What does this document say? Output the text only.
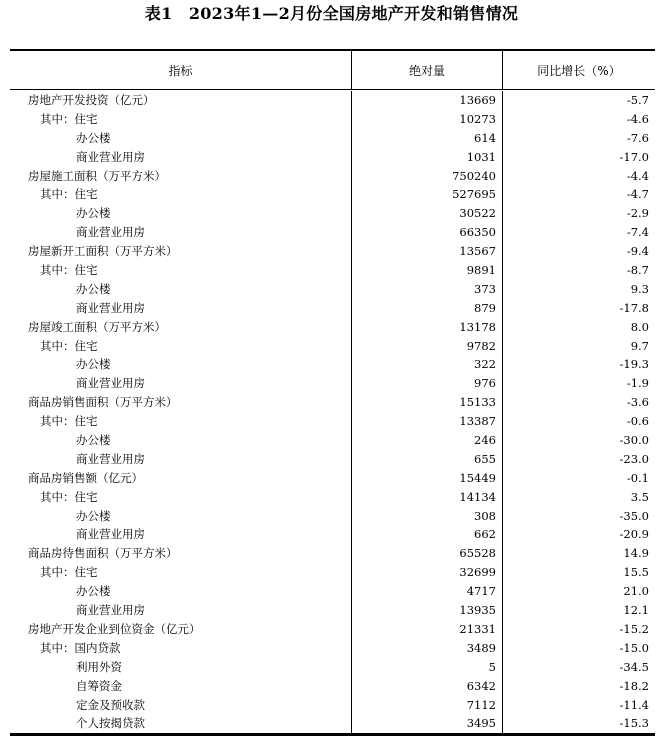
表1　2023年1—2月份全国房地产开发和销售情况
指标	绝对量	同比增长（%）
房地产开发投资（亿元）	13669	-5.7
其中：住宅	10273	-4.6
办公楼	614	-7.6
商业营业用房	1031	-17.0
房屋施工面积（万平方米）	750240	-4.4
其中：住宅	527695	-4.7
办公楼	30522	-2.9
商业营业用房	66350	-7.4
房屋新开工面积（万平方米）	13567	-9.4
其中：住宅	9891	-8.7
办公楼	373	9.3
商业营业用房	879	-17.8
房屋竣工面积（万平方米）	13178	8.0
其中：住宅	9782	9.7
办公楼	322	-19.3
商业营业用房	976	-1.9
商品房销售面积（万平方米）	15133	-3.6
其中：住宅	13387	-0.6
办公楼	246	-30.0
商业营业用房	655	-23.0
商品房销售额（亿元）	15449	-0.1
其中：住宅	14134	3.5
办公楼	308	-35.0
商业营业用房	662	-20.9
商品房待售面积（万平方米）	65528	14.9
其中：住宅	32699	15.5
办公楼	4717	21.0
商业营业用房	13935	12.1
房地产开发企业到位资金（亿元）	21331	-15.2
其中：国内贷款	3489	-15.0
利用外资	5	-34.5
自筹资金	6342	-18.2
定金及预收款	7112	-11.4
个人按揭贷款	3495	-15.3
